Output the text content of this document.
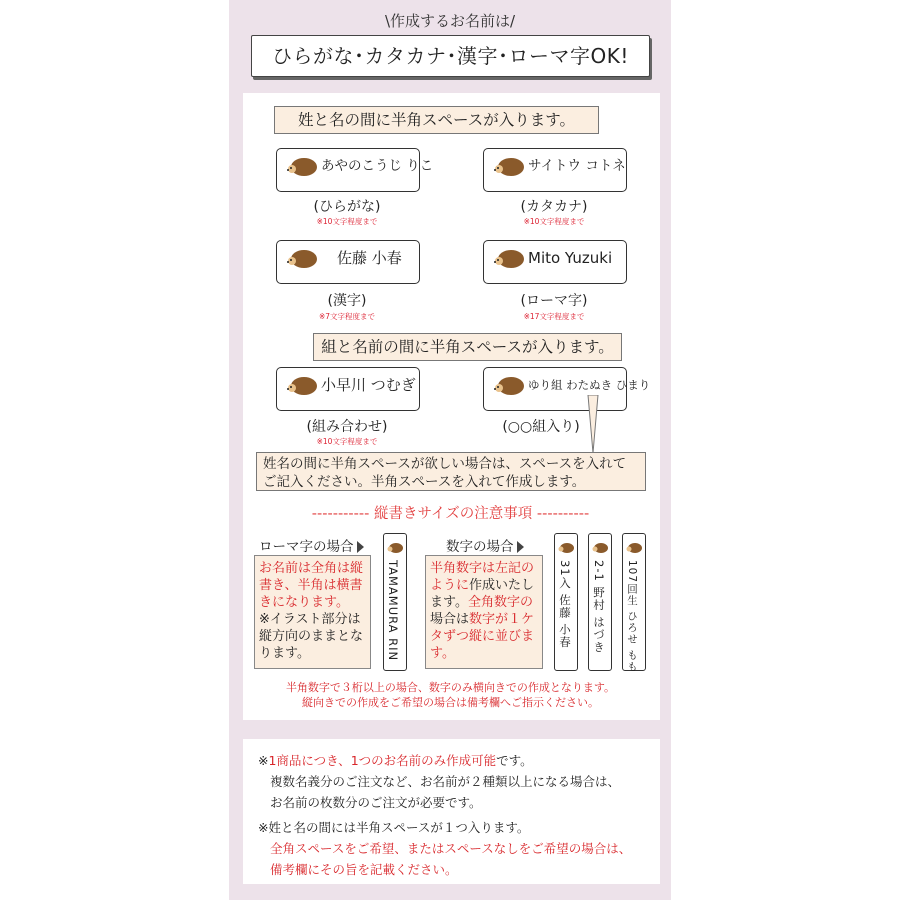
\作成するお名前は/
ひらがな･カタカナ･漢字･ローマ字OK!
姓と名の間に半角スペースが入ります。
あやのこうじ りこ	サイトウ コトネ
(ひらがな)
※10文字程度まで
(カタカナ)
※10文字程度まで
佐藤 小春	Mito Yuzuki
(漢字)
※7文字程度まで
(ローマ字)
※17文字程度まで
組と名前の間に半角スペースが入ります。
小早川 つむぎ	ゆり組 わたぬき ひまり
(組み合わせ)
※10文字程度まで
(○○組入り)
姓名の間に半角スペースが欲しい場合は、スペースを入れてご記入ください。半角スペースを入れて作成します。
----------- 縦書きサイズの注意事項 ----------
ローマ字の場合
お名前は全角は縦書き、半角は横書きになります。
※イラスト部分は縦方向のままとなります。	TAMAMURA RIN
数字の場合
半角数字は左記のように作成いたします。全角数字の場合は数字が１ケタずつ縦に並びます。
31入 佐藤 小春 2-1 野村 はづき 107回生 ひろせ もも
半角数字で３桁以上の場合、数字のみ横向きでの作成となります。
縦向きでの作成をご希望の場合は備考欄へご指示ください。
※1商品につき、1つのお名前のみ作成可能です。
複数名義分のご注文など、お名前が２種類以上になる場合は、
お名前の枚数分のご注文が必要です。
※姓と名の間には半角スペースが１つ入ります。
全角スペースをご希望、またはスペースなしをご希望の場合は、
備考欄にその旨を記載ください。
